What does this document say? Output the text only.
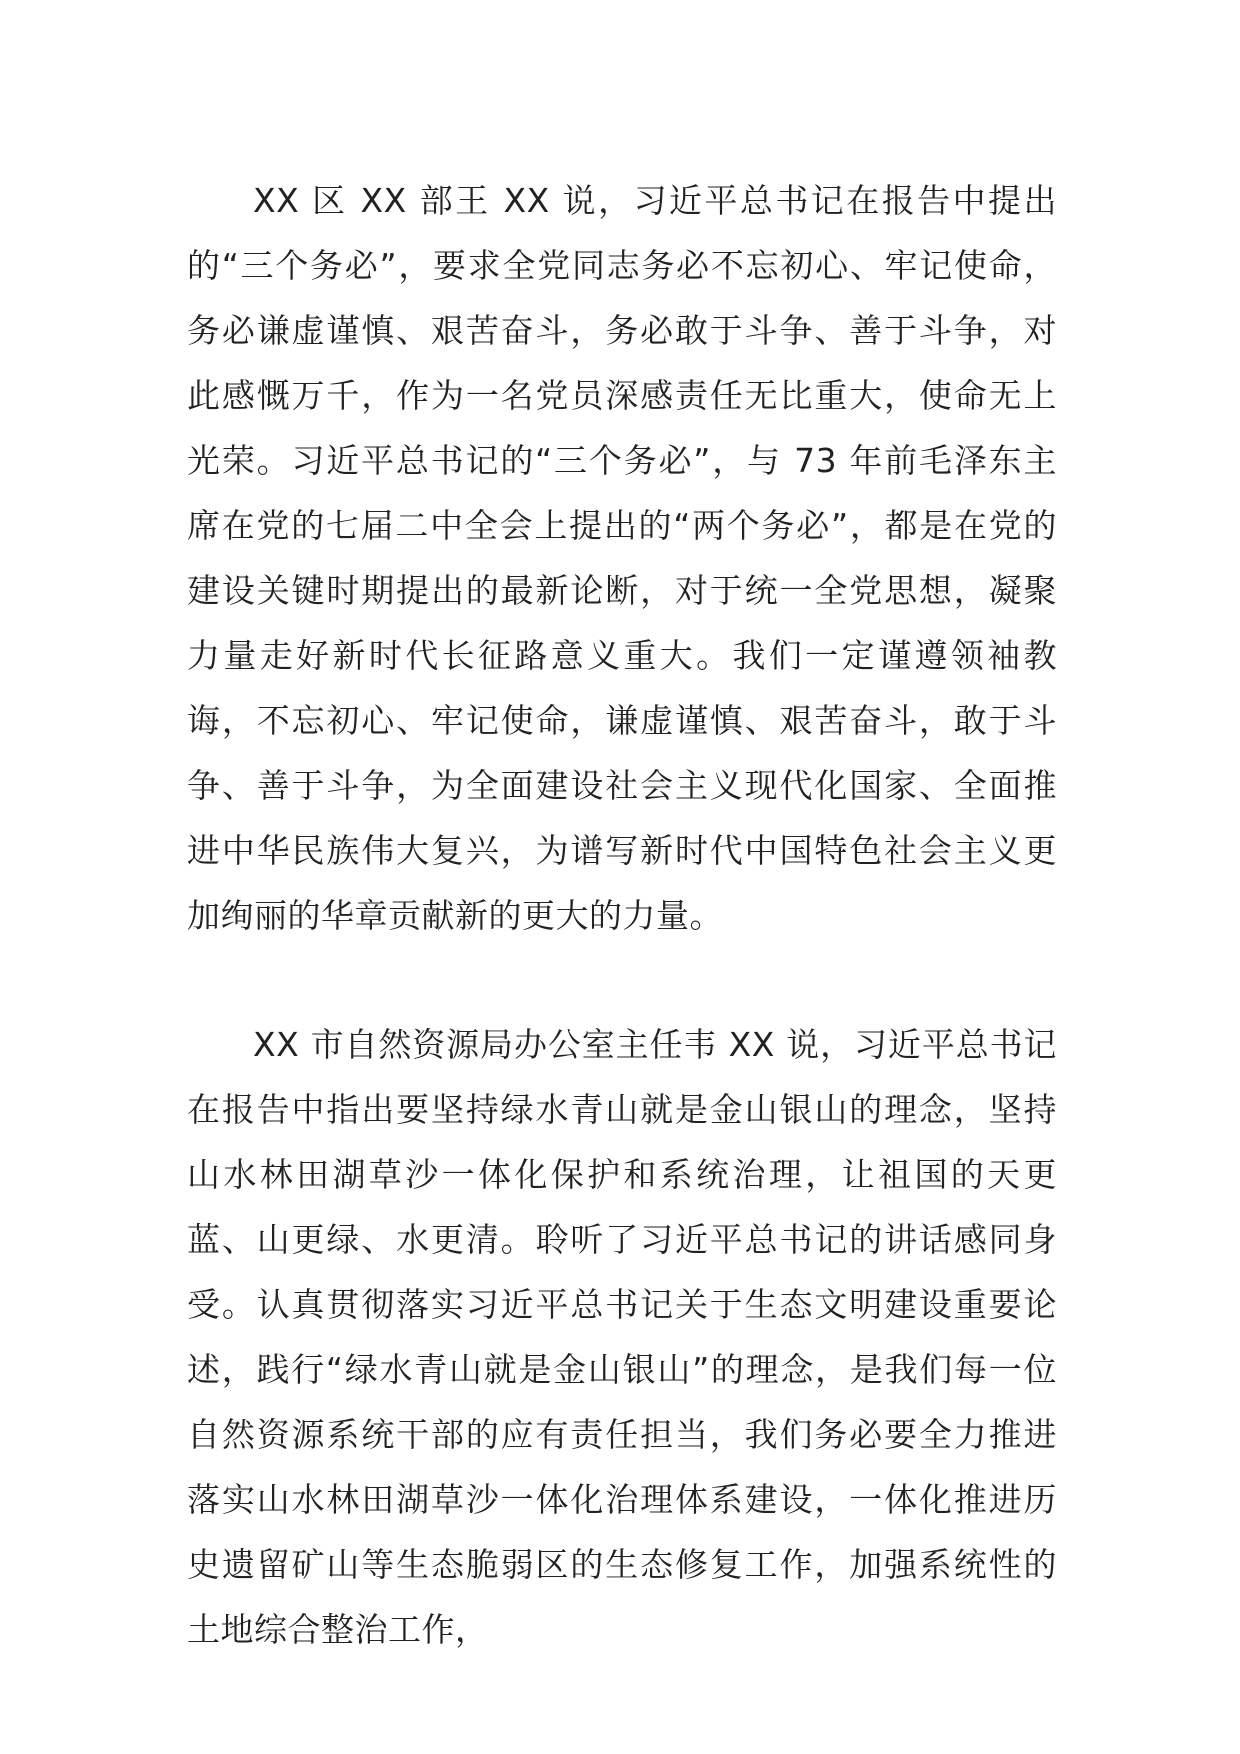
XX 区 XX 部王 XX 说，习近平总书记在报告中提出的“三个务必”，要求全党同志务必不忘初心、牢记使命，务必谦虚谨慎、艰苦奋斗，务必敢于斗争、善于斗争，对此感慨万千，作为一名党员深感责任无比重大，使命无上光荣。习近平总书记的“三个务必”，与 73 年前毛泽东主席在党的七届二中全会上提出的“两个务必”，都是在党的建设关键时期提出的最新论断，对于统一全党思想，凝聚力量走好新时代长征路意义重大。我们一定谨遵领袖教诲，不忘初心、牢记使命，谦虚谨慎、艰苦奋斗，敢于斗争、善于斗争，为全面建设社会主义现代化国家、全面推进中华民族伟大复兴，为谱写新时代中国特色社会主义更加绚丽的华章贡献新的更大的力量。

XX 市自然资源局办公室主任韦 XX 说，习近平总书记在报告中指出要坚持绿水青山就是金山银山的理念，坚持山水林田湖草沙一体化保护和系统治理，让祖国的天更蓝、山更绿、水更清。聆听了习近平总书记的讲话感同身受。认真贯彻落实习近平总书记关于生态文明建设重要论述，践行“绿水青山就是金山银山”的理念，是我们每一位自然资源系统干部的应有责任担当，我们务必要全力推进落实山水林田湖草沙一体化治理体系建设，一体化推进历史遗留矿山等生态脆弱区的生态修复工作，加强系统性的土地综合整治工作，
